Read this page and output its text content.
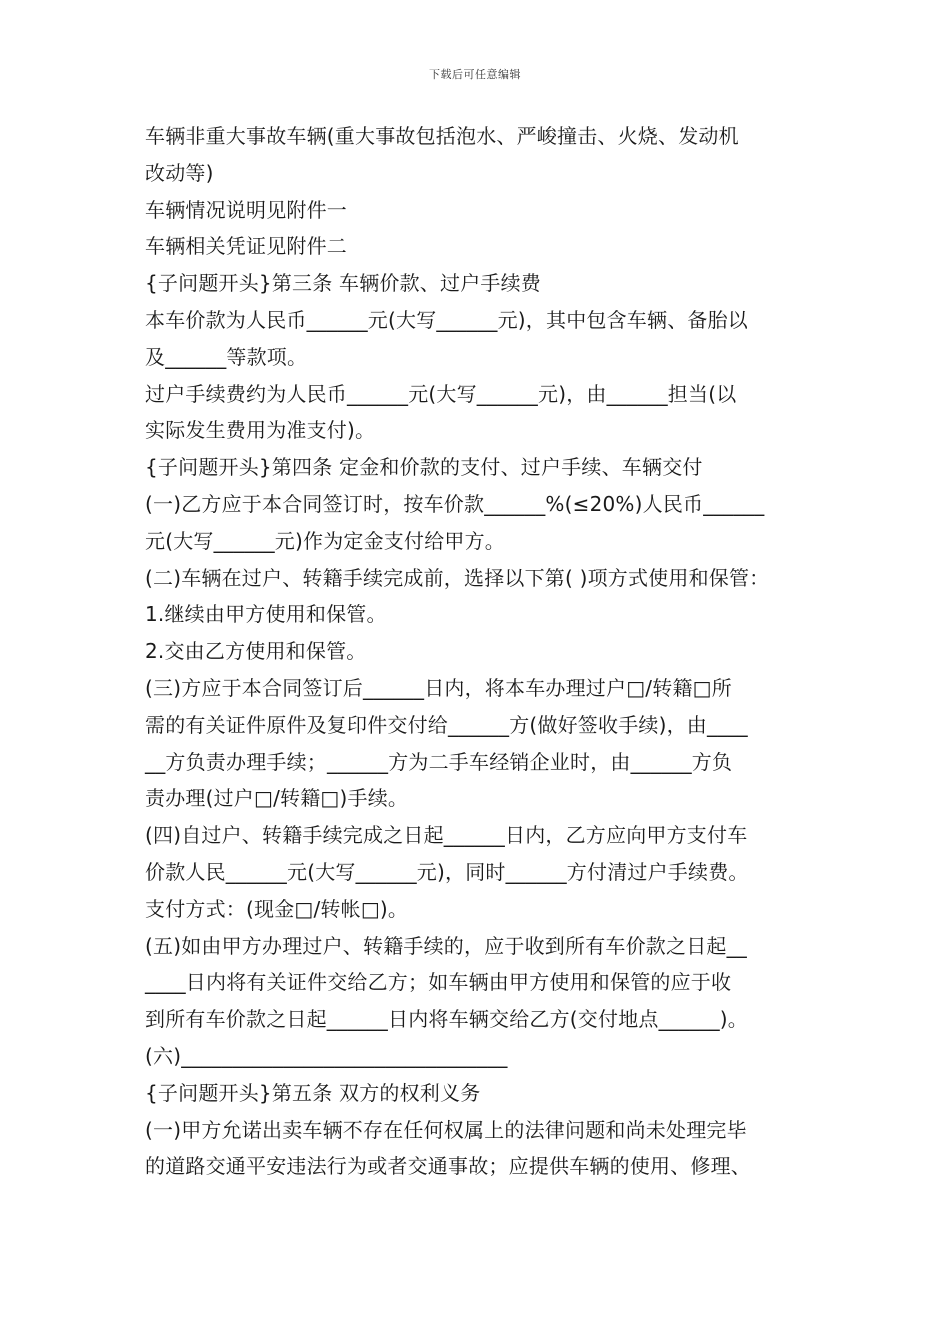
下载后可任意编辑
车辆非重大事故车辆(重大事故包括泡水、严峻撞击、火烧、发动机
改动等)
车辆情况说明见附件一
车辆相关凭证见附件二
{子问题开头}第三条 车辆价款、过户手续费
本车价款为人民币______元(大写______元)，其中包含车辆、备胎以
及______等款项。
过户手续费约为人民币______元(大写______元)，由______担当(以
实际发生费用为准支付)。
{子问题开头}第四条 定金和价款的支付、过户手续、车辆交付
(一)乙方应于本合同签订时，按车价款______%(≤20%)人民币______
元(大写______元)作为定金支付给甲方。
(二)车辆在过户、转籍手续完成前，选择以下第( )项方式使用和保管：
1.继续由甲方使用和保管。
2.交由乙方使用和保管。
(三)方应于本合同签订后______日内，将本车办理过户□/转籍□所
需的有关证件原件及复印件交付给______方(做好签收手续)，由____
__方负责办理手续；______方为二手车经销企业时，由______方负
责办理(过户□/转籍□)手续。
(四)自过户、转籍手续完成之日起______日内，乙方应向甲方支付车
价款人民______元(大写______元)，同时______方付清过户手续费。
支付方式：(现金□/转帐□)。
(五)如由甲方办理过户、转籍手续的，应于收到所有车价款之日起__
____日内将有关证件交给乙方；如车辆由甲方使用和保管的应于收
到所有车价款之日起______日内将车辆交给乙方(交付地点______)。
(六)________________________________
{子问题开头}第五条 双方的权利义务
(一)甲方允诺出卖车辆不存在任何权属上的法律问题和尚未处理完毕
的道路交通平安违法行为或者交通事故；应提供车辆的使用、修理、
